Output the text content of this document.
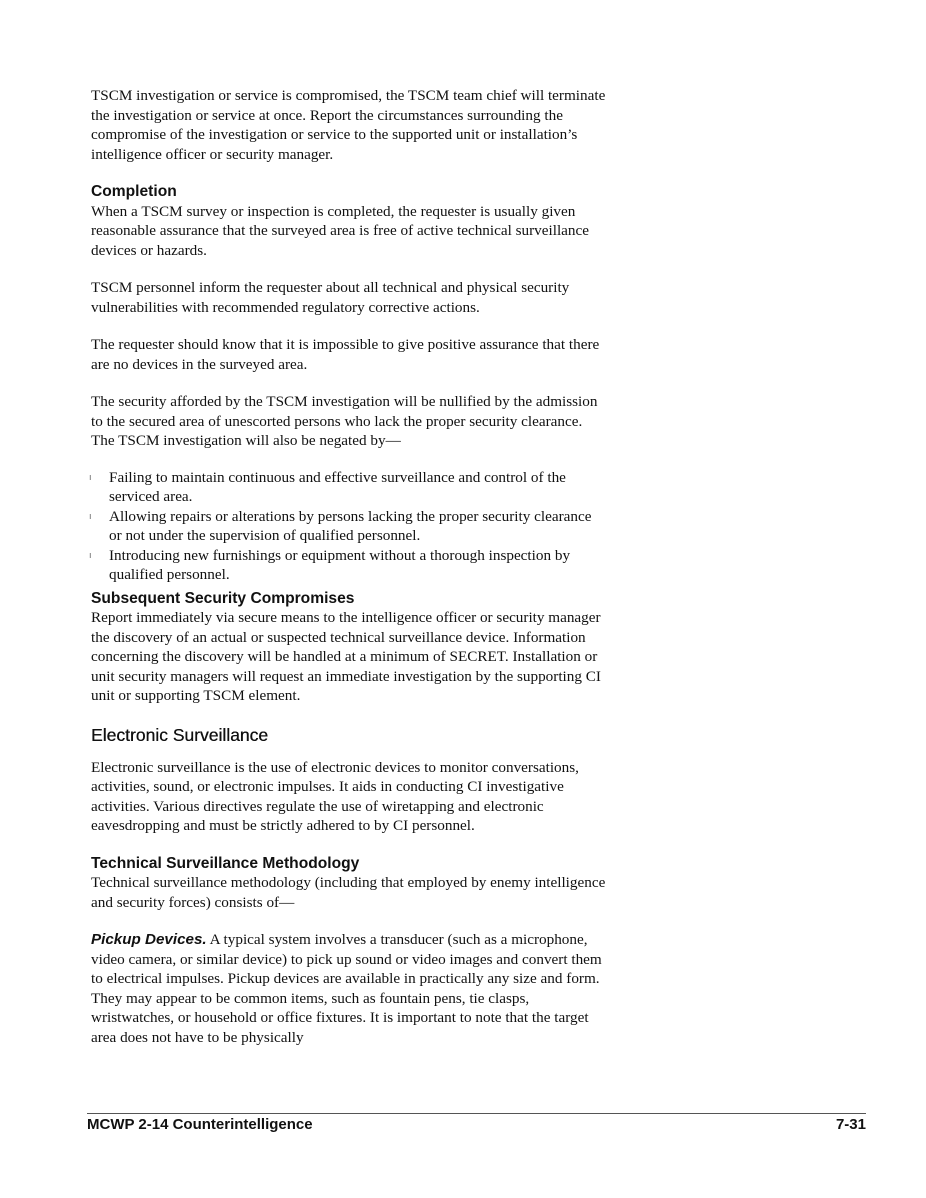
TSCM investigation or service is compromised, the TSCM team chief will terminate the investigation or service at once. Report the circumstances surrounding the compromise of the investigation or service to the supported unit or installation’s intelligence officer or security manager.

Completion

When a TSCM survey or inspection is completed, the requester is usually given reasonable assurance that the surveyed area is free of active technical surveillance devices or hazards.

TSCM personnel inform the requester about all technical and physical security vulnerabilities with recommended regulatory corrective actions.

The requester should know that it is impossible to give positive assurance that there are no devices in the surveyed area.

The security afforded by the TSCM investigation will be nullified by the admission to the secured area of unescorted persons who lack the proper security clearance. The TSCM investigation will also be negated by—

ı Failing to maintain continuous and effective surveillance and control of the serviced area.
ı Allowing repairs or alterations by persons lacking the proper security clearance or not under the supervision of qualified personnel.
ı Introducing new furnishings or equipment without a thorough inspection by qualified personnel.
Subsequent Security Compromises

Report immediately via secure means to the intelligence officer or security manager the discovery of an actual or suspected technical surveillance device. Information concerning the discovery will be handled at a minimum of SECRET. Installation or unit security managers will request an immediate investigation by the supporting CI unit or supporting TSCM element.

Electronic Surveillance

Electronic surveillance is the use of electronic devices to monitor conversations, activities, sound, or electronic impulses. It aids in conducting CI investigative activities. Various directives regulate the use of wiretapping and electronic eavesdropping and must be strictly adhered to by CI personnel.

Technical Surveillance Methodology

Technical surveillance methodology (including that employed by enemy intelligence and security forces) consists of—

Pickup Devices. A typical system involves a transducer (such as a microphone, video camera, or similar device) to pick up sound or video images and convert them to electrical impulses. Pickup devices are available in practically any size and form. They may appear to be common items, such as fountain pens, tie clasps, wristwatches, or household or office fixtures. It is important to note that the target area does not have to be physically

MCWP 2-14 Counterintelligence	7-31
